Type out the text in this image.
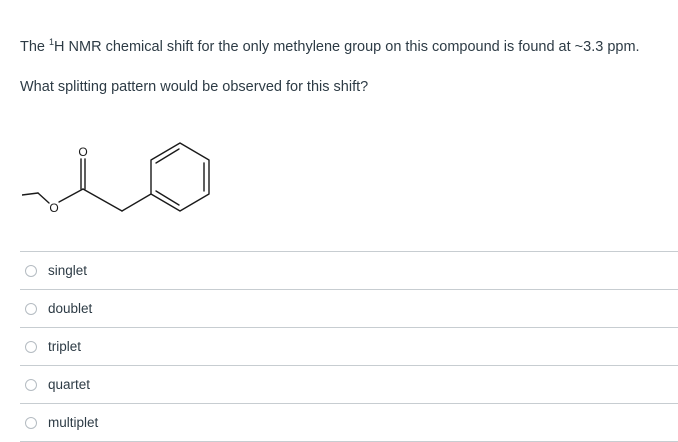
The $^1$H NMR chemical shift for the only methylene group on this compound is found at ~3.3 ppm.

What splitting pattern would be observed for this shift?

O
O
singlet
doublet
triplet
quartet
multiplet
